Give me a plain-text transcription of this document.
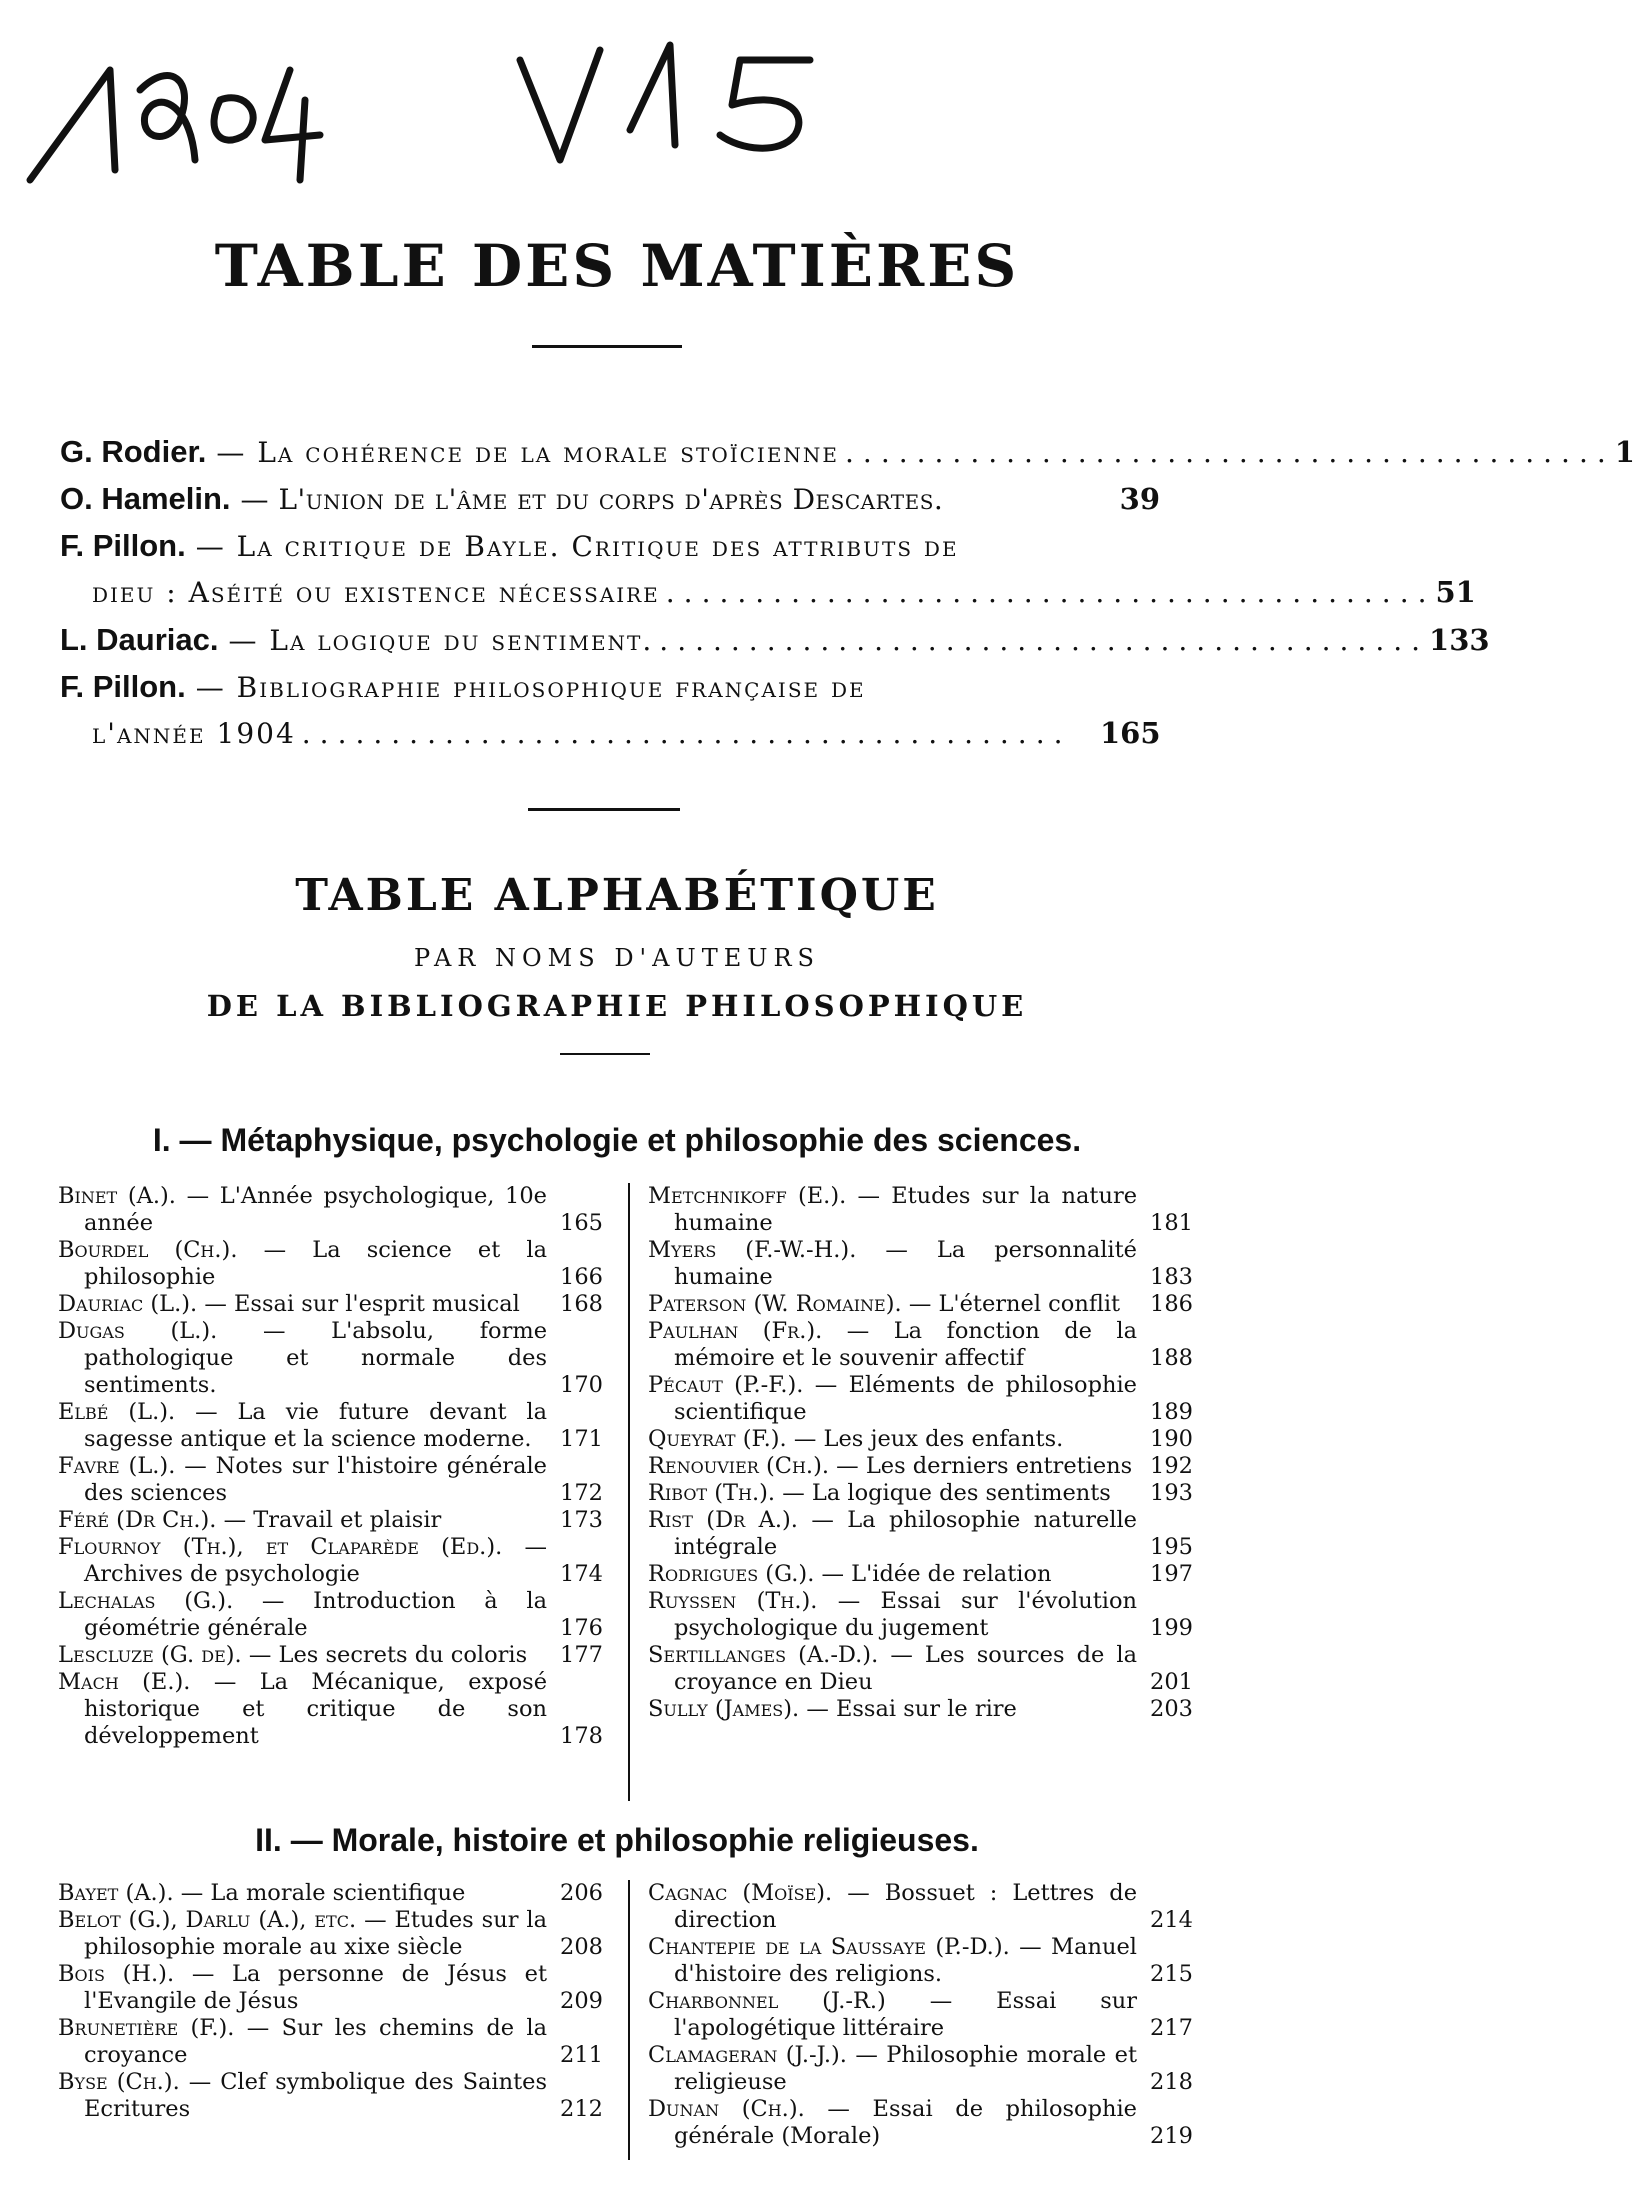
TABLE DES MATIÈRES
G. Rodier. — La cohérence de la morale stoïcienne ........................................... 1
O. Hamelin. — L'union de l'âme et du corps d'après Descartes.	39
F. Pillon. — La critique de Bayle. Critique des attributs de
dieu : Aséité ou existence nécessaire ........................................... 51
L. Dauriac. — La logique du sentiment. ........................................... 133
F. Pillon. — Bibliographie philosophique française de
l'année 1904 ........................................... 165
TABLE ALPHABÉTIQUE
PAR NOMS D'AUTEURS
DE LA BIBLIOGRAPHIE PHILOSOPHIQUE
I. — Métaphysique, psychologie et philosophie des sciences.
Binet (A.). — L'Année psychologique, 10e année	165
Bourdel (Ch.). — La science et la philosophie	166
Dauriac (L.). — Essai sur l'esprit musical	168
Dugas (L.). — L'absolu, forme pathologique et normale des sentiments.	170
Elbé (L.). — La vie future devant la sagesse antique et la science moderne.	171
Favre (L.). — Notes sur l'histoire générale des sciences	172
Féré (Dr Ch.). — Travail et plaisir	173
Flournoy (Th.), et Claparède (Ed.). — Archives de psychologie	174
Lechalas (G.). — Introduction à la géométrie générale	176
Lescluze (G. de). — Les secrets du coloris	177
Mach (E.). — La Mécanique, exposé historique et critique de son développement	178
Metchnikoff (E.). — Etudes sur la nature humaine	181
Myers (F.-W.-H.). — La personnalité humaine	183
Paterson (W. Romaine). — L'éternel conflit	186
Paulhan (Fr.). — La fonction de la mémoire et le souvenir affectif	188
Pécaut (P.-F.). — Eléments de philosophie scientifique	189
Queyrat (F.). — Les jeux des enfants.	190
Renouvier (Ch.). — Les derniers entretiens 192
Ribot (Th.). — La logique des sentiments	193
Rist (Dr A.). — La philosophie naturelle intégrale	195
Rodrigues (G.). — L'idée de relation	197
Ruyssen (Th.). — Essai sur l'évolution psychologique du jugement	199
Sertillanges (A.-D.). — Les sources de la croyance en Dieu	201
Sully (James). — Essai sur le rire	203
II. — Morale, histoire et philosophie religieuses.
Bayet (A.). — La morale scientifique	206
Belot (G.), Darlu (A.), etc. — Etudes sur la philosophie morale au xixe siècle	208
Bois (H.). — La personne de Jésus et l'Evangile de Jésus	209
Brunetière (F.). — Sur les chemins de la croyance	211
Byse (Ch.). — Clef symbolique des Saintes Ecritures	212
Cagnac (Moïse). — Bossuet : Lettres de direction	214
Chantepie de la Saussaye (P.-D.). — Manuel d'histoire des religions.	215
Charbonnel (J.-R.) — Essai sur l'apologétique littéraire	217
Clamageran (J.-J.). — Philosophie morale et religieuse	218
Dunan (Ch.). — Essai de philosophie générale (Morale)	219
